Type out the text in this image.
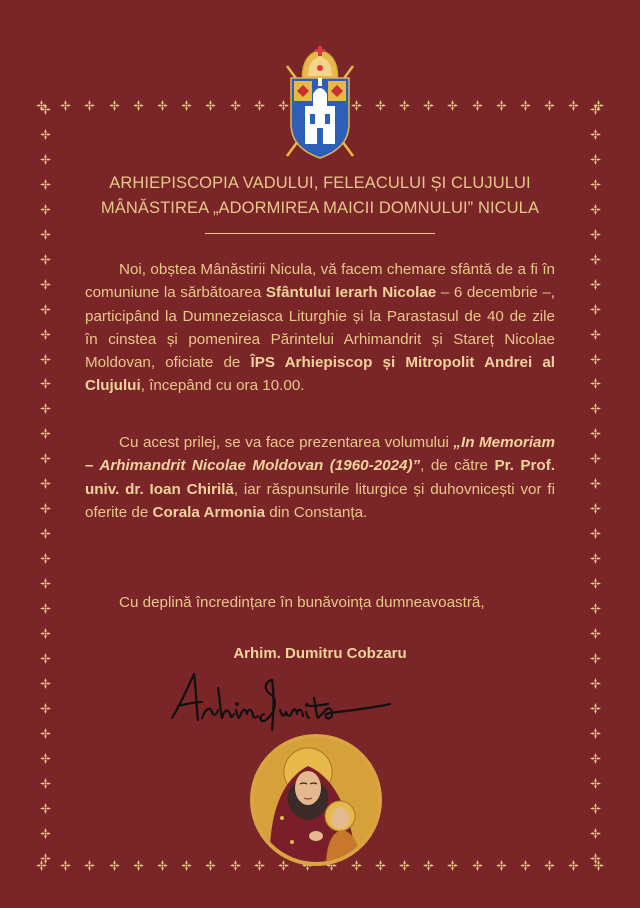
ARHIEPISCOPIA VADULUI, FELEACULUI ȘI CLUJULUI
MÂNĂSTIREA „ADORMIREA MAICII DOMNULUI” NICULA
Noi, obștea Mânăstirii Nicula, vă facem chemare sfântă de a fi în comuniune la sărbătoarea Sfântului Ierarh Nicolae – 6 decembrie –, participând la Dumnezeiasca Liturghie și la Parastasul de 40 de zile în cinstea și pomenirea Părintelui Arhimandrit și Stareț Nicolae Moldovan, oficiate de ÎPS Arhiepiscop și Mitropolit Andrei al Clujului, începând cu ora 10.00.
Cu acest prilej, se va face prezentarea volumului „In Memoriam – Arhimandrit Nicolae Moldovan (1960-2024)”, de către Pr. Prof. univ. dr. Ioan Chirilă, iar răspunsurile liturgice și duhovnicești vor fi oferite de Corala Armonia din Constanța.
Cu deplină încredințare în bunăvoința dumneavoastră,
Arhim. Dumitru Cobzaru
